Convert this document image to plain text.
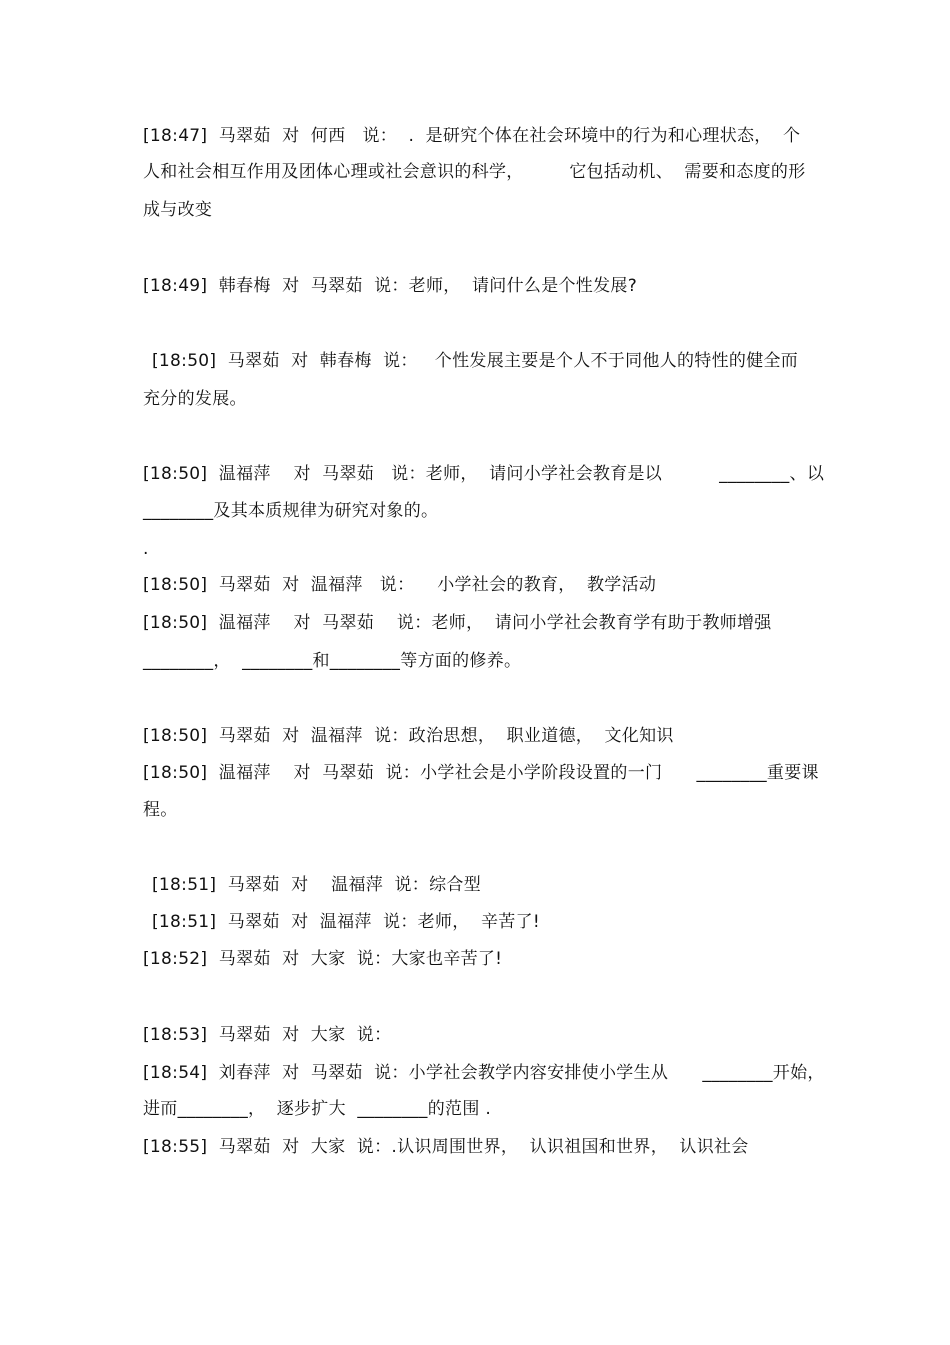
[18:47]  马翠茹  对  何西   说：  .  是研究个体在社会环境中的行为和心理状态，  个
人和社会相互作用及团体心理或社会意识的科学，        它包括动机、  需要和态度的形
成与改变
[18:49]  韩春梅  对  马翠茹  说：老师，  请问什么是个性发展?
[18:50]  马翠茹  对  韩春梅  说：   个性发展主要是个人不于同他人的特性的健全而
充分的发展。
[18:50]  温福萍    对  马翠茹   说：老师，  请问小学社会教育是以          ________、以
________及其本质规律为研究对象的。
.
[18:50]  马翠茹  对  温福萍   说：    小学社会的教育，  教学活动
[18:50]  温福萍    对  马翠茹    说：老师，  请问小学社会教育学有助于教师增强
________，  ________和________等方面的修养。
[18:50]  马翠茹  对  温福萍  说：政治思想，  职业道德，  文化知识
[18:50]  温福萍    对  马翠茹  说：小学社会是小学阶段设置的一门      ________重要课
程。
[18:51]  马翠茹  对    温福萍  说：综合型
[18:51]  马翠茹  对  温福萍  说：老师，  辛苦了!
[18:52]  马翠茹  对  大家  说：大家也辛苦了!
[18:53]  马翠茹  对  大家  说：
[18:54]  刘春萍  对  马翠茹  说：小学社会教学内容安排使小学生从      ________开始，
进而________，  逐步扩大  ________的范围 .
[18:55]  马翠茹  对  大家  说：.认识周围世界，  认识祖国和世界，  认识社会
